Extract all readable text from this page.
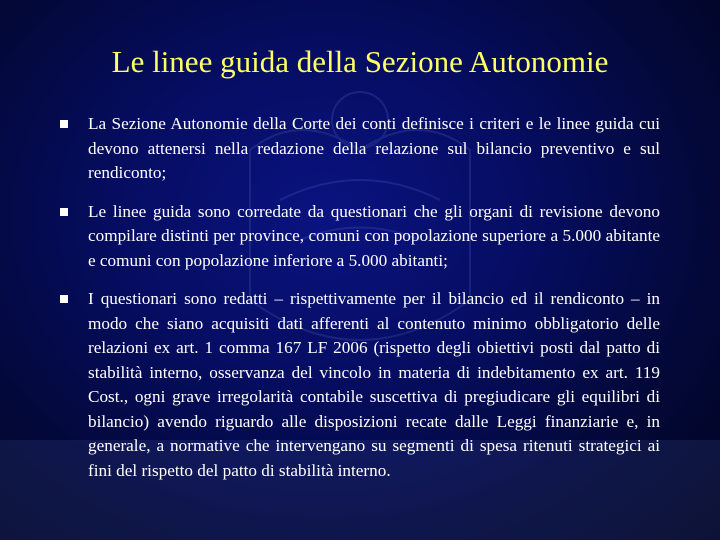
Le linee guida della Sezione Autonomie
La Sezione Autonomie della Corte dei conti definisce i criteri e le linee guida cui devono attenersi nella redazione della relazione sul bilancio preventivo e sul rendiconto;
Le linee guida sono corredate da questionari che gli organi di revisione devono compilare distinti per province, comuni con popolazione superiore a 5.000 abitante e comuni con popolazione inferiore a 5.000 abitanti;
I questionari sono redatti – rispettivamente per il bilancio ed il rendiconto – in modo che siano acquisiti dati afferenti al contenuto minimo obbligatorio delle relazioni ex art. 1 comma 167 LF 2006 (rispetto degli obiettivi posti dal patto di stabilità interno, osservanza del vincolo in materia di indebitamento ex art. 119 Cost., ogni grave irregolarità contabile suscettiva di pregiudicare gli equilibri di bilancio) avendo riguardo alle disposizioni recate dalle Leggi finanziarie e, in generale, a normative che intervengano su segmenti di spesa ritenuti strategici ai fini del rispetto del patto di stabilità interno.
